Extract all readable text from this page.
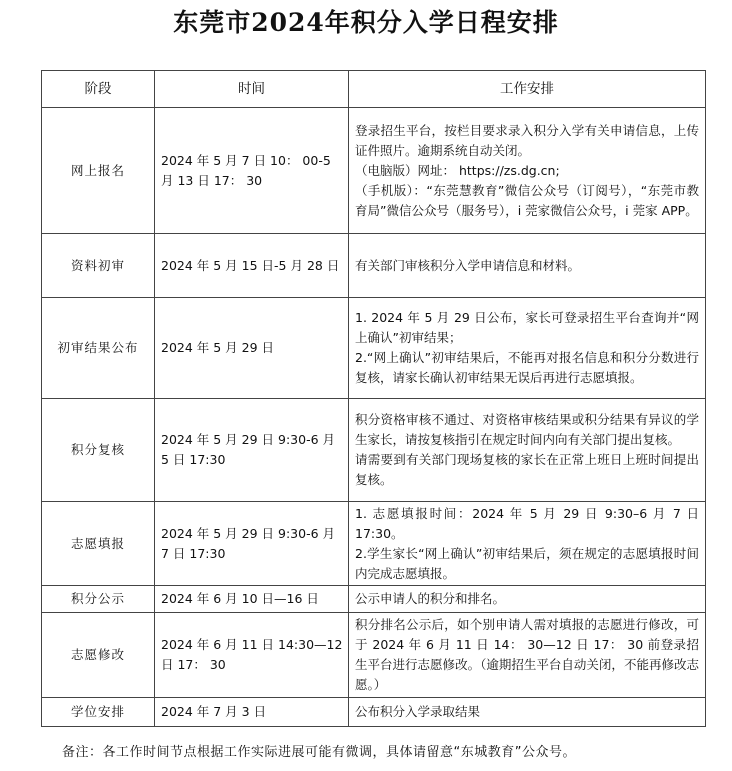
东莞市2024年积分入学日程安排
阶段	时间	工作安排
网上报名	2024 年 5 月 7 日 10： 00-5 月 13 日 17： 30	登录招生平台，按栏目要求录入积分入学有关申请信息，上传证件照片。逾期系统自动关闭。
（电脑版）网址： https://zs.dg.cn;
（手机版）：“东莞慧教育”微信公众号（订阅号），“东莞市教育局”微信公众号（服务号），i 莞家微信公众号，i 莞家 APP。

资料初审	2024 年 5 月 15 日-5 月 28 日	有关部门审核积分入学申请信息和材料。

初审结果公布	2024 年 5 月 29 日	1. 2024 年 5 月 29 日公布，家长可登录招生平台查询并“网上确认”初审结果；
2.“网上确认”初审结果后，不能再对报名信息和积分分数进行复核，请家长确认初审结果无误后再进行志愿填报。

积分复核	2024 年 5 月 29 日 9:30-6 月 5 日 17:30	积分资格审核不通过、对资格审核结果或积分结果有异议的学生家长，请按复核指引在规定时间内向有关部门提出复核。
请需要到有关部门现场复核的家长在正常上班日上班时间提出复核。

志愿填报	2024 年 5 月 29 日 9:30-6 月 7 日 17:30	1. 志愿填报时间：2024 年 5 月 29 日 9:30–6 月 7 日 17:30。
2.学生家长“网上确认”初审结果后，须在规定的志愿填报时间内完成志愿填报。

积分公示	2024 年 6 月 10 日—16 日	公示申请人的积分和排名。

志愿修改	2024 年 6 月 11 日 14:30—12 日 17： 30	积分排名公示后，如个别申请人需对填报的志愿进行修改，可于 2024 年 6 月 11 日 14： 30—12 日 17： 30 前登录招生平台进行志愿修改。（逾期招生平台自动关闭，不能再修改志愿。）

学位安排	2024 年 7 月 3 日	公布积分入学录取结果
备注：各工作时间节点根据工作实际进展可能有微调，具体请留意“东城教育”公众号。
